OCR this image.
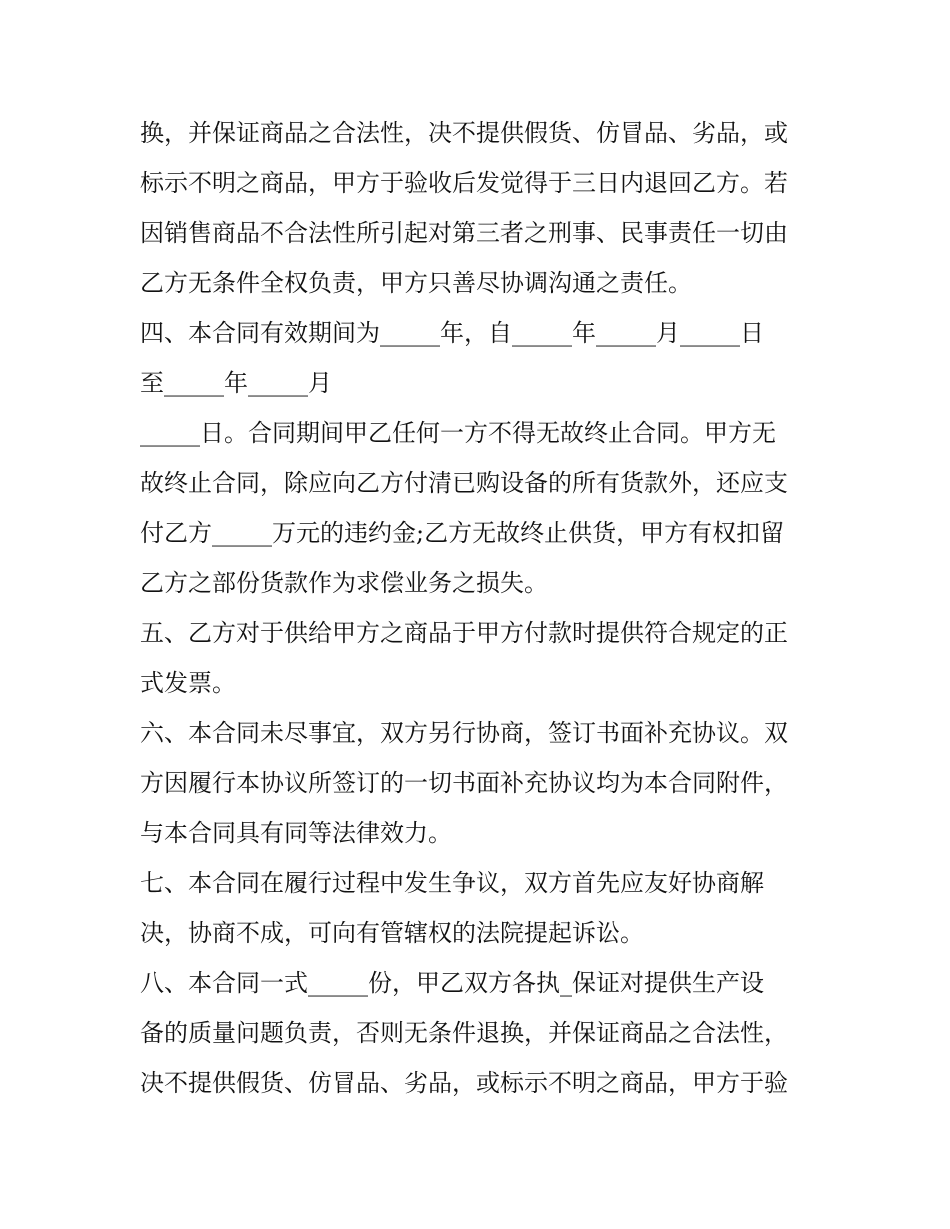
换，并保证商品之合法性，决不提供假货、仿冒品、劣品，或
标示不明之商品，甲方于验收后发觉得于三日内退回乙方。若
因销售商品不合法性所引起对第三者之刑事、民事责任一切由
乙方无条件全权负责，甲方只善尽协调沟通之责任。
四、本合同有效期间为_____年，自_____年_____月_____日
至_____年_____月
_____日。合同期间甲乙任何一方不得无故终止合同。甲方无
故终止合同，除应向乙方付清已购设备的所有货款外，还应支
付乙方_____万元的违约金;乙方无故终止供货，甲方有权扣留
乙方之部份货款作为求偿业务之损失。
五、乙方对于供给甲方之商品于甲方付款时提供符合规定的正
式发票。
六、本合同未尽事宜，双方另行协商，签订书面补充协议。双
方因履行本协议所签订的一切书面补充协议均为本合同附件，
与本合同具有同等法律效力。
七、本合同在履行过程中发生争议，双方首先应友好协商解
决，协商不成，可向有管辖权的法院提起诉讼。
八、本合同一式_____份，甲乙双方各执_保证对提供生产设
备的质量问题负责，否则无条件退换，并保证商品之合法性，
决不提供假货、仿冒品、劣品，或标示不明之商品，甲方于验
